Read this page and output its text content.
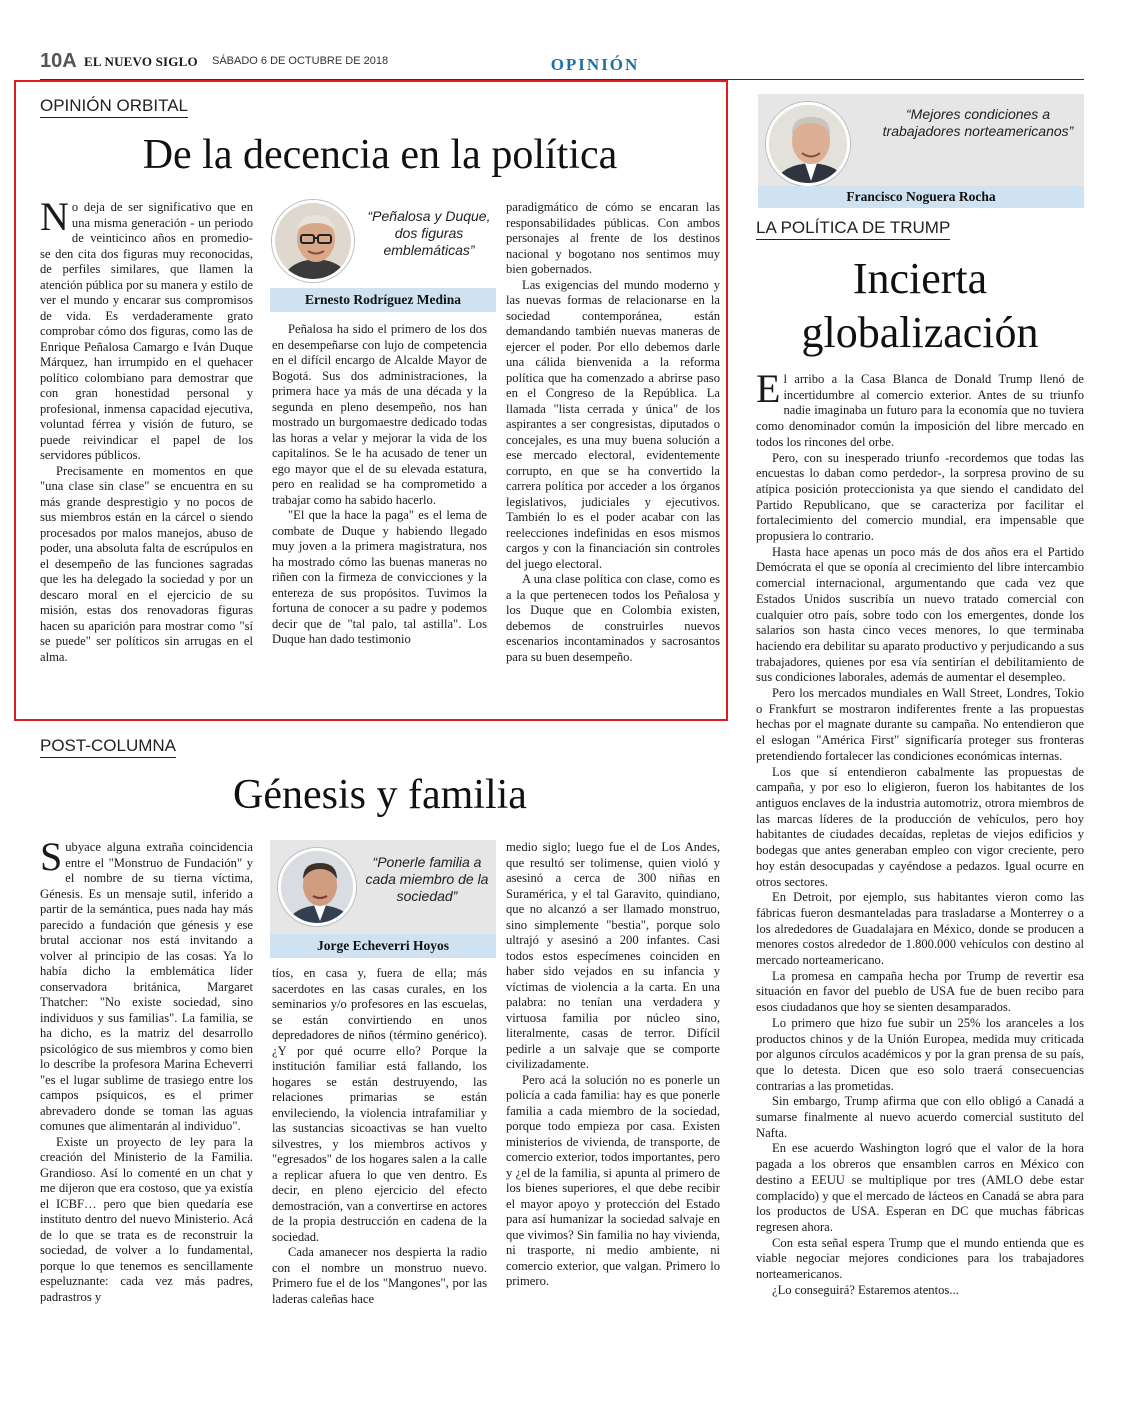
10A EL NUEVO SIGLO SÁBADO 6 DE OCTUBRE DE 2018	OPINIÓN
OPINIÓN ORBITAL
De la decencia en la política

No deja de ser significativo que en una misma generación - un periodo de veinticinco años en promedio- se den cita dos figuras muy reconocidas, de perfiles similares, que llamen la atención pública por su manera y estilo de ver el mundo y encarar sus compromisos de vida. Es verdaderamente grato comprobar cómo dos figuras, como las de Enrique Peñalosa Camargo e Iván Duque Márquez, han irrumpido en el quehacer político colombiano para demostrar que con gran honestidad personal y profesional, inmensa capacidad ejecutiva, voluntad férrea y visión de futuro, se puede reivindicar el papel de los servidores públicos.

Precisamente en momentos en que "una clase sin clase" se encuentra en su más grande desprestigio y no pocos de sus miembros están en la cárcel o siendo procesados por malos manejos, abuso de poder, una absoluta falta de escrúpulos en el desempeño de las funciones sagradas que les ha delegado la sociedad y por un descaro moral en el ejercicio de su misión, estas dos renovadoras figuras hacen su aparición para mostrar como "sí se puede" ser políticos sin arrugas en el alma.

“Peñalosa y Duque, dos figuras emblemáticas”
Ernesto Rodríguez Medina

Peñalosa ha sido el primero de los dos en desempeñarse con lujo de competencia en el difícil encargo de Alcalde Mayor de Bogotá. Sus dos administraciones, la primera hace ya más de una década y la segunda en pleno desempeño, nos han mostrado un burgomaestre dedicado todas las horas a velar y mejorar la vida de los capitalinos. Se le ha acusado de tener un ego mayor que el de su elevada estatura, pero en realidad se ha comprometido a trabajar como ha sabido hacerlo.

"El que la hace la paga" es el lema de combate de Duque y habiendo llegado muy joven a la primera magistratura, nos ha mostrado cómo las buenas maneras no riñen con la firmeza de convicciones y la entereza de sus propósitos. Tuvimos la fortuna de conocer a su padre y podemos decir que de "tal palo, tal astilla". Los Duque han dado testimonio

paradigmático de cómo se encaran las responsabilidades públicas. Con ambos personajes al frente de los destinos nacional y bogotano nos sentimos muy bien gobernados.

Las exigencias del mundo moderno y las nuevas formas de relacionarse en la sociedad contemporánea, están demandando también nuevas maneras de ejercer el poder. Por ello debemos darle una cálida bienvenida a la reforma política que ha comenzado a abrirse paso en el Congreso de la República. La llamada "lista cerrada y única" de los aspirantes a ser congresistas, diputados o concejales, es una muy buena solución a ese mercado electoral, evidentemente corrupto, en que se ha convertido la carrera política por acceder a los órganos legislativos, judiciales y ejecutivos. También lo es el poder acabar con las reelecciones indefinidas en esos mismos cargos y con la financiación sin controles del juego electoral.

A una clase política con clase, como es a la que pertenecen todos los Peñalosa y los Duque que en Colombia existen, debemos de construirles nuevos escenarios incontaminados y sacrosantos para su buen desempeño.

POST-COLUMNA
Génesis y familia

Subyace alguna extraña coincidencia entre el "Monstruo de Fundación" y el nombre de su tierna víctima, Génesis. Es un mensaje sutil, inferido a partir de la semántica, pues nada hay más parecido a fundación que génesis y ese brutal accionar nos está invitando a volver al principio de las cosas. Ya lo había dicho la emblemática líder conservadora británica, Margaret Thatcher: "No existe sociedad, sino individuos y sus familias". La familia, se ha dicho, es la matriz del desarrollo psicológico de sus miembros y como bien lo describe la profesora Marina Echeverri "es el lugar sublime de trasiego entre los campos psíquicos, es el primer abrevadero donde se toman las aguas comunes que alimentarán al individuo".

Existe un proyecto de ley para la creación del Ministerio de la Familia. Grandioso. Así lo comenté en un chat y me dijeron que era costoso, que ya existía el ICBF… pero que bien quedaría ese instituto dentro del nuevo Ministerio. Acá de lo que se trata es de reconstruir la sociedad, de volver a lo fundamental, porque lo que tenemos es sencillamente espeluznante: cada vez más padres, padrastros y

“Ponerle familia a cada miembro de la sociedad”
Jorge Echeverri Hoyos

tíos, en casa y, fuera de ella; más sacerdotes en las casas curales, en los seminarios y/o profesores en las escuelas, se están convirtiendo en unos depredadores de niños (término genérico). ¿Y por qué ocurre ello? Porque la institución familiar está fallando, los hogares se están destruyendo, las relaciones primarias se están envileciendo, la violencia intrafamiliar y las sustancias sicoactivas se han vuelto silvestres, y los miembros activos y "egresados" de los hogares salen a la calle a replicar afuera lo que ven dentro. Es decir, en pleno ejercicio del efecto demostración, van a convertirse en actores de la propia destrucción en cadena de la sociedad.

Cada amanecer nos despierta la radio con el nombre un monstruo nuevo. Primero fue el de los "Mangones", por las laderas caleñas hace

medio siglo; luego fue el de Los Andes, que resultó ser tolimense, quien violó y asesinó a cerca de 300 niñas en Suramérica, y el tal Garavito, quindiano, que no alcanzó a ser llamado monstruo, sino simplemente "bestia", porque solo ultrajó y asesinó a 200 infantes. Casi todos estos especímenes coinciden en haber sido vejados en su infancia y víctimas de violencia a la carta. En una palabra: no tenían una verdadera y virtuosa familia por núcleo sino, literalmente, casas de terror. Difícil pedirle a un salvaje que se comporte civilizadamente.

Pero acá la solución no es ponerle un policía a cada familia: hay es que ponerle familia a cada miembro de la sociedad, porque todo empieza por casa. Existen ministerios de vivienda, de transporte, de comercio exterior, todos importantes, pero y ¿el de la familia, si apunta al primero de los bienes superiores, el que debe recibir el mayor apoyo y protección del Estado para así humanizar la sociedad salvaje en que vivimos? Sin familia no hay vivienda, ni trasporte, ni medio ambiente, ni comercio exterior, que valgan. Primero lo primero.

“Mejores condiciones a trabajadores norteamericanos”
Francisco Noguera Rocha
LA POLÍTICA DE TRUMP
Incierta
globalización

El arribo a la Casa Blanca de Donald Trump llenó de incertidumbre al comercio exterior. Antes de su triunfo nadie imaginaba un futuro para la economía que no tuviera como denominador común la imposición del libre mercado en todos los rincones del orbe.

Pero, con su inesperado triunfo -recordemos que todas las encuestas lo daban como perdedor-, la sorpresa provino de su atípica posición proteccionista ya que siendo el candidato del Partido Republicano, que se caracteriza por facilitar el fortalecimiento del comercio mundial, era impensable que propusiera lo contrario.

Hasta hace apenas un poco más de dos años era el Partido Demócrata el que se oponía al crecimiento del libre intercambio comercial internacional, argumentando que cada vez que Estados Unidos suscribía un nuevo tratado comercial con cualquier otro país, sobre todo con los emergentes, donde los salarios son hasta cinco veces menores, lo que terminaba haciendo era debilitar su aparato productivo y perjudicando a sus trabajadores, quienes por esa vía sentirían el debilitamiento de sus condiciones laborales, además de aumentar el desempleo.

Pero los mercados mundiales en Wall Street, Londres, Tokio o Frankfurt se mostraron indiferentes frente a las propuestas hechas por el magnate durante su campaña. No entendieron que el eslogan "América First" significaría proteger sus fronteras pretendiendo fortalecer las condiciones económicas internas.

Los que sí entendieron cabalmente las propuestas de campaña, y por eso lo eligieron, fueron los habitantes de los antiguos enclaves de la industria automotriz, otrora miembros de las marcas líderes de la producción de vehículos, pero hoy habitantes de ciudades decaídas, repletas de viejos edificios y bodegas que antes generaban empleo con vigor creciente, pero hoy están desocupadas y cayéndose a pedazos. Igual ocurre en otros sectores.

En Detroit, por ejemplo, sus habitantes vieron como las fábricas fueron desmanteladas para trasladarse a Monterrey o a los alrededores de Guadalajara en México, donde se producen a menores costos alrededor de 1.800.000 vehículos con destino al mercado norteamericano.

La promesa en campaña hecha por Trump de revertir esa situación en favor del pueblo de USA fue de buen recibo para esos ciudadanos que hoy se sienten desamparados.

Lo primero que hizo fue subir un 25% los aranceles a los productos chinos y de la Unión Europea, medida muy criticada por algunos círculos académicos y por la gran prensa de su país, que lo detesta. Dicen que eso solo traerá consecuencias contrarias a las prometidas.

Sin embargo, Trump afirma que con ello obligó a Canadá a sumarse finalmente al nuevo acuerdo comercial sustituto del Nafta.

En ese acuerdo Washington logró que el valor de la hora pagada a los obreros que ensamblen carros en México con destino a EEUU se multiplique por tres (AMLO debe estar complacido) y que el mercado de lácteos en Canadá se abra para los productos de USA. Esperan en DC que muchas fábricas regresen ahora.

Con esta señal espera Trump que el mundo entienda que es viable negociar mejores condiciones para los trabajadores norteamericanos.

¿Lo conseguirá? Estaremos atentos...
